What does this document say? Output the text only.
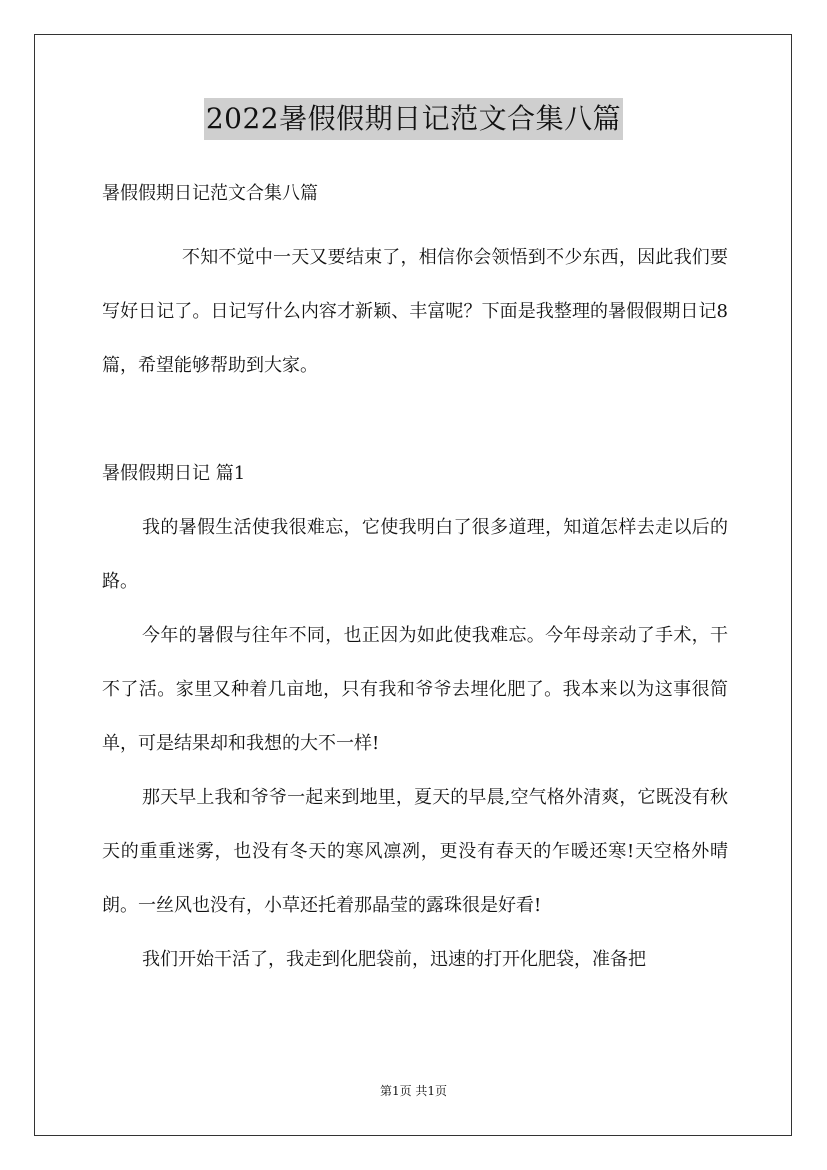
2022暑假假期日记范文合集八篇
暑假假期日记范文合集八篇

不知不觉中一天又要结束了，相信你会领悟到不少东西，因此我们要写好日记了。日记写什么内容才新颖、丰富呢？下面是我整理的暑假假期日记8篇，希望能够帮助到大家。

暑假假期日记 篇1

我的暑假生活使我很难忘，它使我明白了很多道理，知道怎样去走以后的路。

今年的暑假与往年不同，也正因为如此使我难忘。今年母亲动了手术，干不了活。家里又种着几亩地，只有我和爷爷去埋化肥了。我本来以为这事很简单，可是结果却和我想的大不一样!

那天早上我和爷爷一起来到地里，夏天的早晨,空气格外清爽，它既没有秋天的重重迷雾，也没有冬天的寒风凛冽，更没有春天的乍暖还寒!天空格外晴朗。一丝风也没有，小草还托着那晶莹的露珠很是好看!

我们开始干活了，我走到化肥袋前，迅速的打开化肥袋，准备把

第1页 共1页
